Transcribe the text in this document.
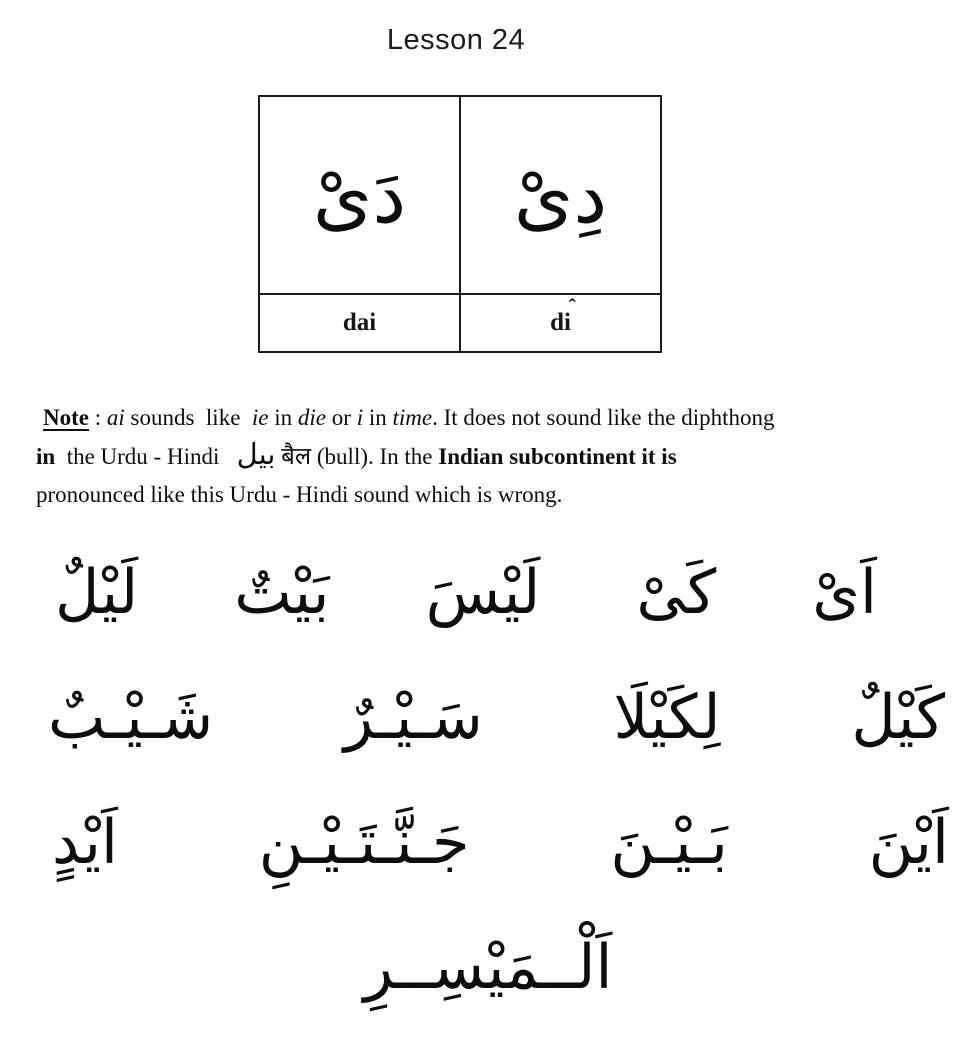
Lesson 24
دَىْ	دِىْ
dai	di
ˆ
Note : ai sounds  like  ie in die or i in time. It does not sound like the diphthong
in  the Urdu - Hindi   بيل बैल (bull). In the Indian subcontinent it is
pronounced like this Urdu - Hindi sound which is wrong.
اَىْ
كَىْ
لَيْسَ
بَيْتٌ
لَيْلٌ
كَيْلٌ
لِكَيْلَا
سَـيْـرٌ
شَـيْـبٌ
اَيْنَ
بَـيْـنَ
جَـنَّـتَـيْـنِ
اَيْدٍ
اَلْــمَيْسِــرِ
